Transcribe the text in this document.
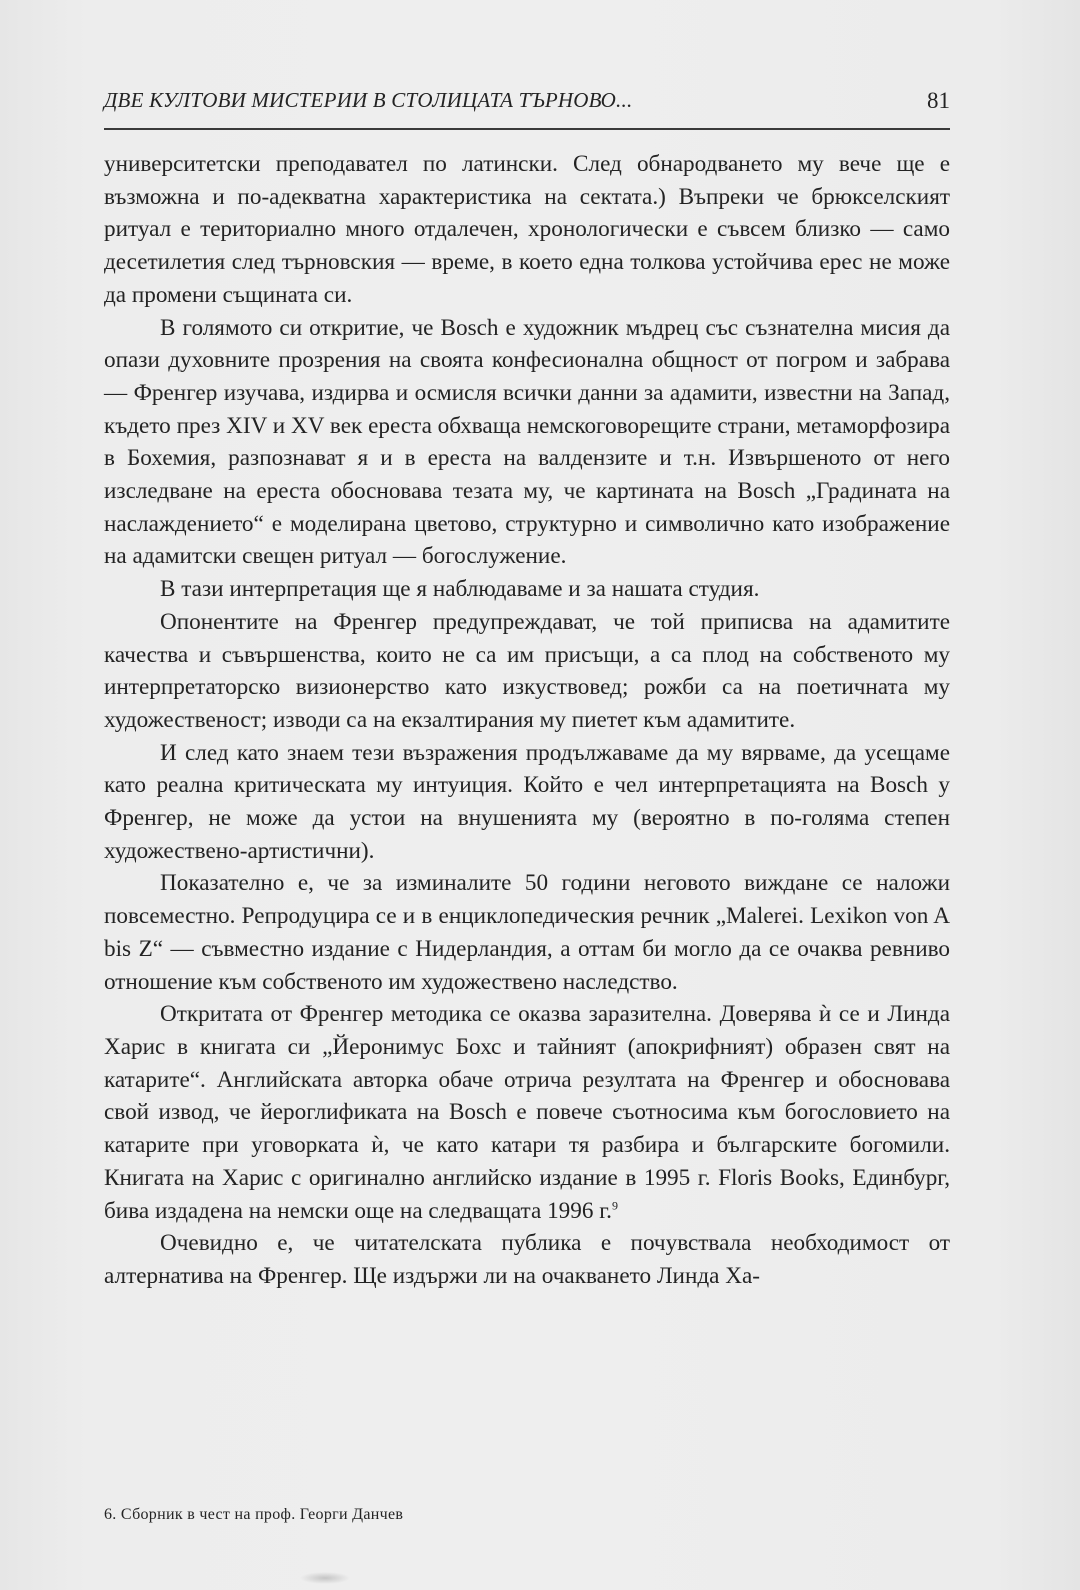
ДВЕ КУЛТОВИ МИСТЕРИИ В СТОЛИЦАТА ТЪРНОВО...	81

университетски преподавател по латински. След обнародването му вече ще е възможна и по-адекватна характеристика на сектата.) Въпреки че брюкселският ритуал е териториално много отдалечен, хронологически е съвсем близко — само десетилетия след търновския — време, в което една толкова устойчива ерес не може да промени същината си.

В голямото си откритие, че Bosch е художник мъдрец със съзнателна мисия да опази духовните прозрения на своята конфесионална общност от погром и забрава — Френгер изучава, издирва и осмисля всички данни за адамити, известни на Запад, където през XIV и XV век ереста обхваща немскоговорещите страни, метаморфозира в Бохемия, разпознават я и в ереста на валдензите и т.н. Извършеното от него изследване на ереста обосновава тезата му, че картината на Bosch „Градината на наслаждението“ е моделирана цветово, структурно и символично като изображение на адамитски свещен ритуал — богослужение.

В тази интерпретация ще я наблюдаваме и за нашата студия.

Опонентите на Френгер предупреждават, че той приписва на адамитите качества и съвършенства, които не са им присъщи, а са плод на собственото му интерпретаторско визионерство като изкуствовед; рожби са на поетичната му художественост; изводи са на екзалтирания му пиетет към адамитите.

И след като знаем тези възражения продължаваме да му вярваме, да усещаме като реална критическата му интуиция. Който е чел интерпретацията на Bosch у Френгер, не може да устои на внушенията му (вероятно в по-голяма степен художествено-артистични).

Показателно е, че за изминалите 50 години неговото виждане се наложи повсеместно. Репродуцира се и в енциклопедическия речник „Malerei. Lexikon von A bis Z“ — съвместно издание с Нидерландия, а оттам би могло да се очаква ревниво отношение към собственото им художествено наследство.

Откритата от Френгер методика се оказва заразителна. Доверява ѝ се и Линда Харис в книгата си „Йеронимус Бохс и тайният (апокрифният) образен свят на катарите“. Английската авторка обаче отрича резултата на Френгер и обосновава свой извод, че йероглификата на Bosch е повече съотносима към богословието на катарите при уговорката ѝ, че като катари тя разбира и българските богомили. Книгата на Харис с оригинално английско издание в 1995 г. Floris Books, Единбург, бива издадена на немски още на следващата 1996 г.$^9$

Очевидно е, че читателската публика е почувствала необходимост от алтернатива на Френгер. Ще издържи ли на очакването Линда Ха-

6. Сборник в чест на проф. Георги Данчев
